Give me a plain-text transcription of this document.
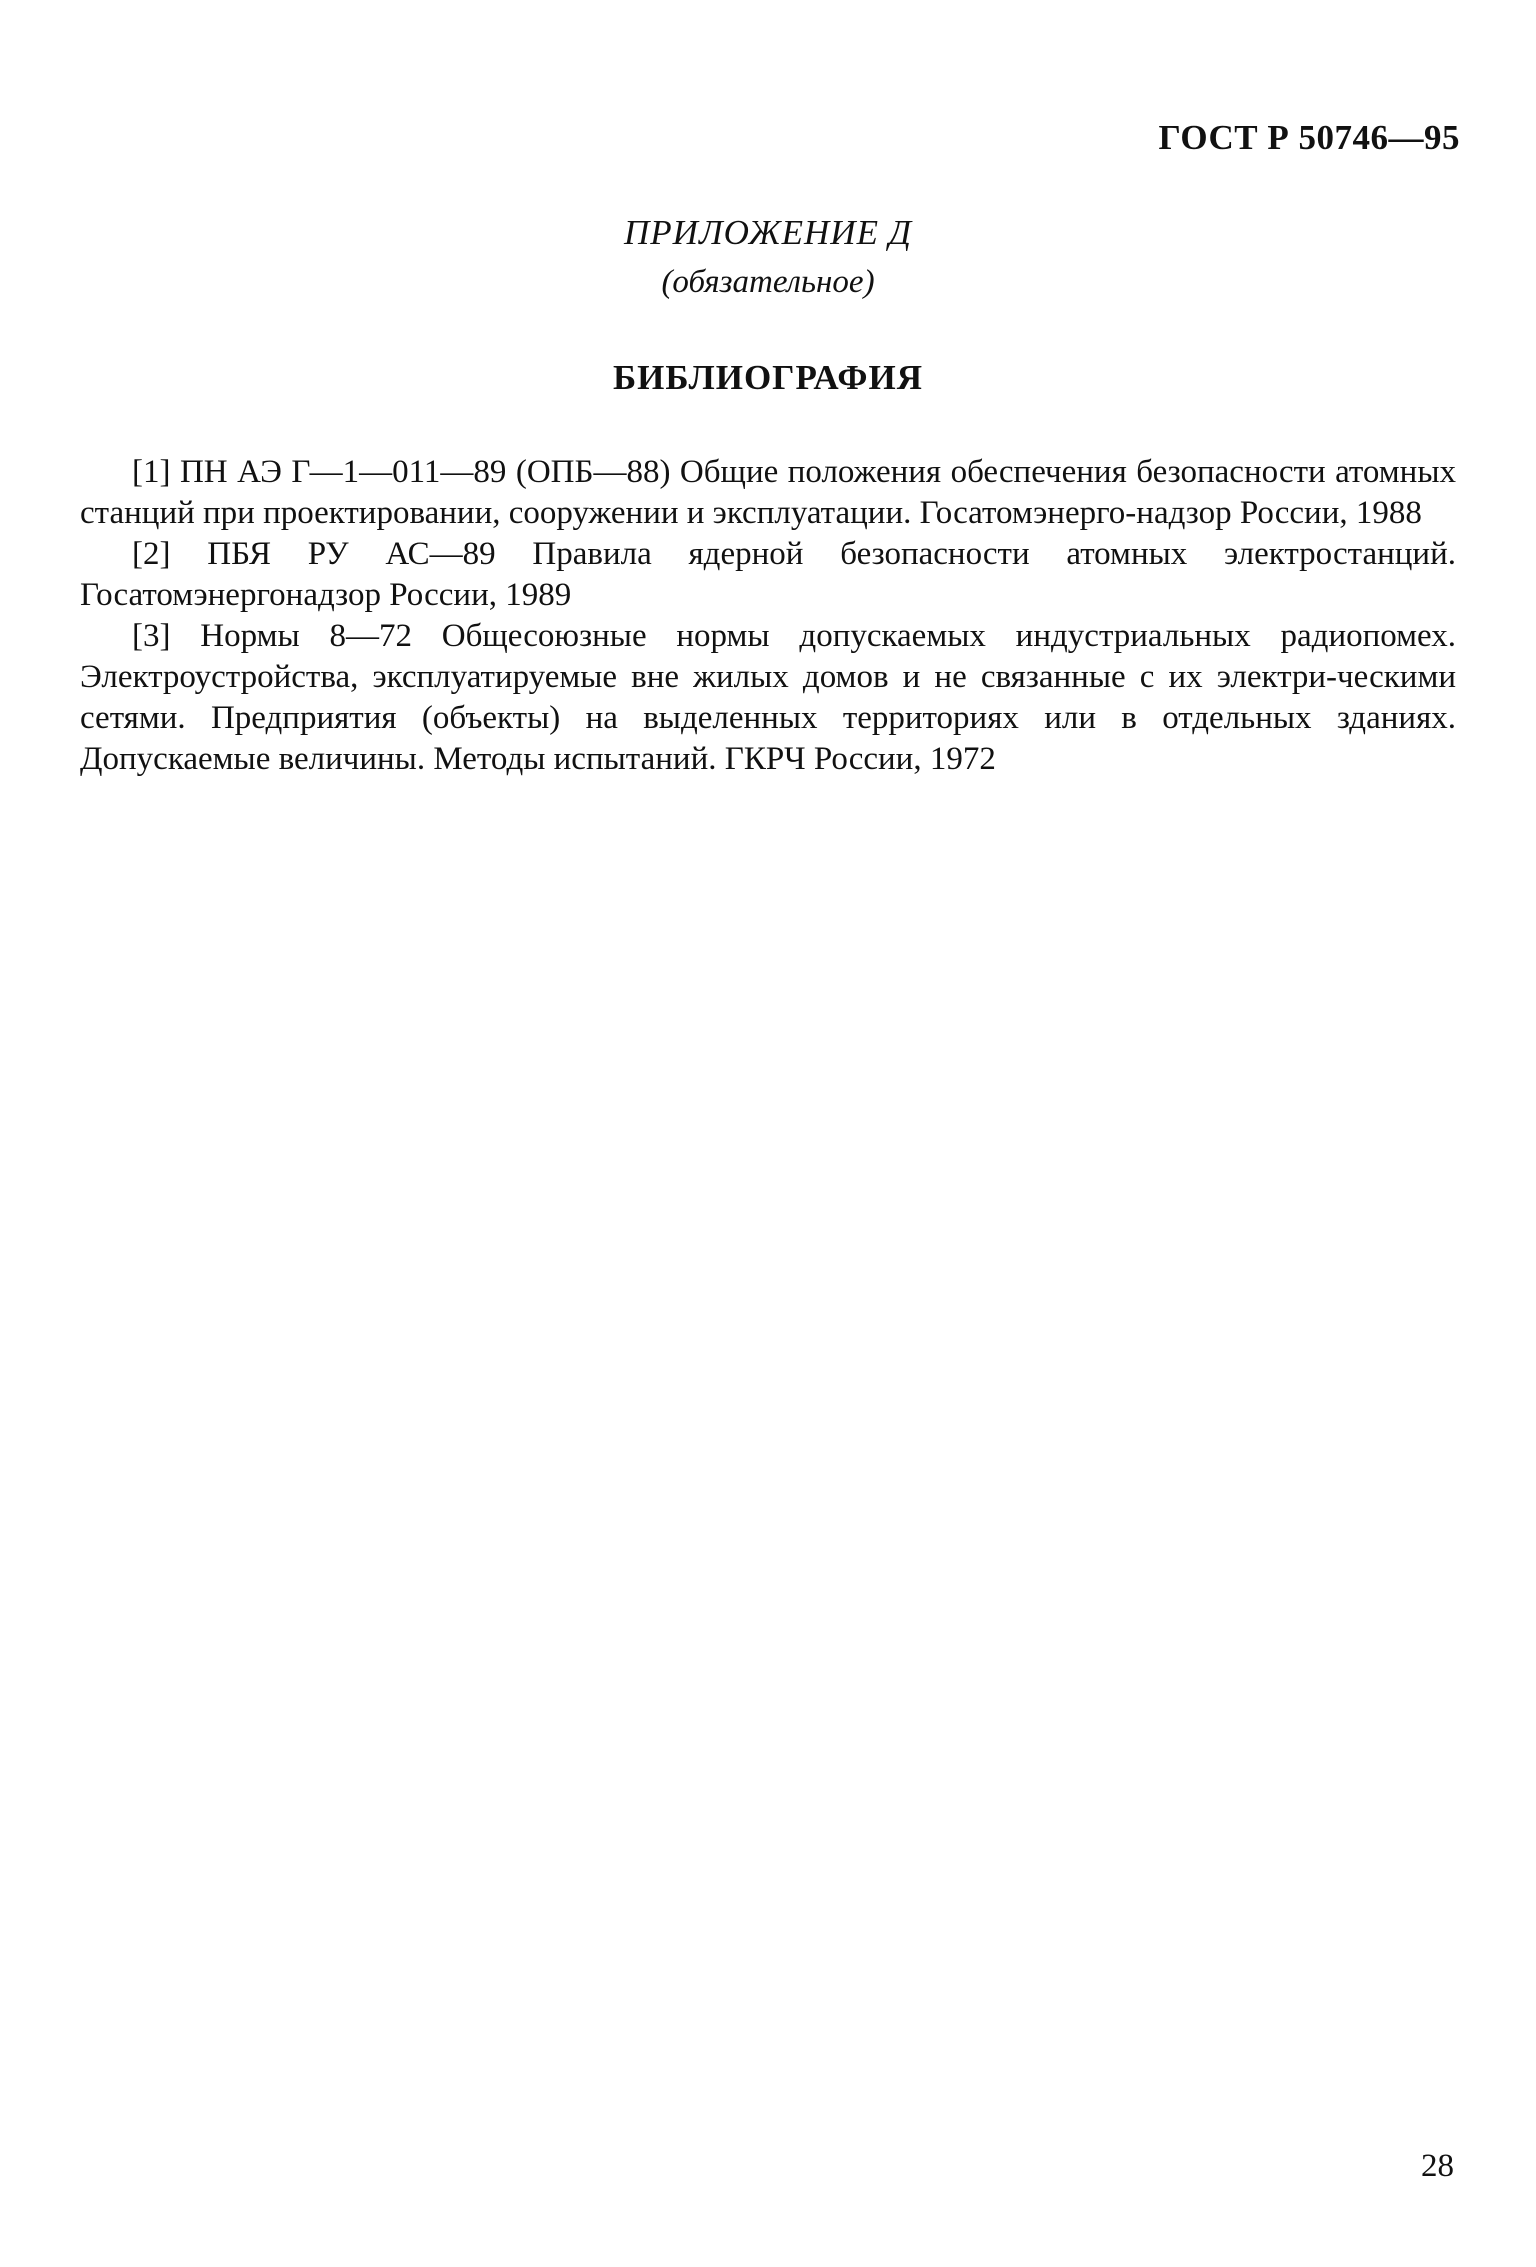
ГОСТ Р 50746—95

ПРИЛОЖЕНИЕ Д

(обязательное)

БИБЛИОГРАФИЯ
[1] ПН АЭ Г—1—011—89 (ОПБ—88) Общие положения обеспечения безопасности атомных станций при проектировании, сооружении и эксплуатации. Госатомэнерго-надзор России, 1988
[2] ПБЯ РУ АС—89 Правила ядерной безопасности атомных электростанций. Госатомэнергонадзор России, 1989
[3] Нормы 8—72 Общесоюзные нормы допускаемых индустриальных радиопомех. Электроустройства, эксплуатируемые вне жилых домов и не связанные с их электри-ческими сетями. Предприятия (объекты) на выделенных территориях или в отдельных зданиях. Допускаемые величины. Методы испытаний. ГКРЧ России, 1972

28
